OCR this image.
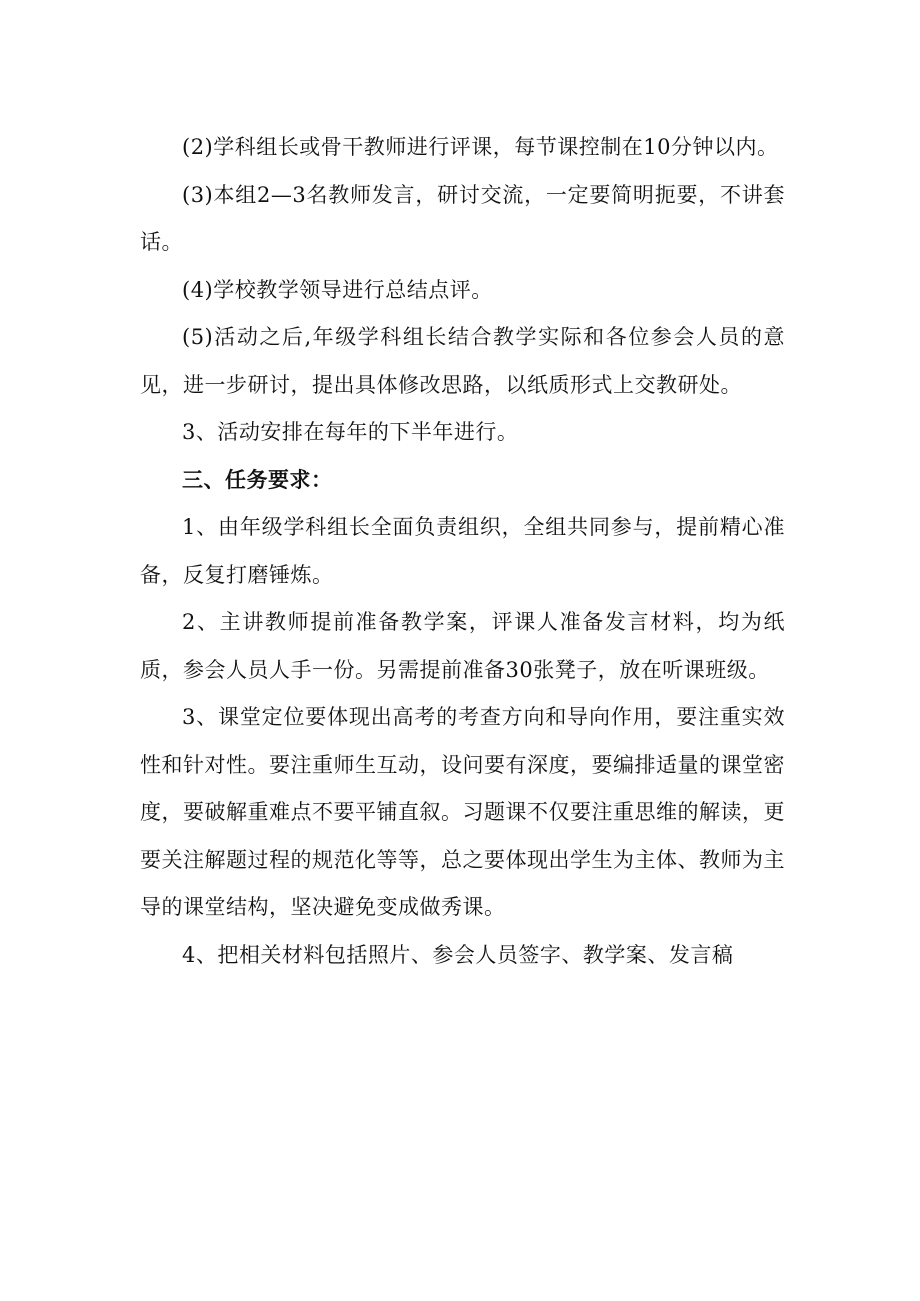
(2)学科组长或骨干教师进行评课，每节课控制在10分钟以内。

(3)本组2—3名教师发言，研讨交流，一定要简明扼要，不讲套话。

(4)学校教学领导进行总结点评。

(5)活动之后,年级学科组长结合教学实际和各位参会人员的意见，进一步研讨，提出具体修改思路，以纸质形式上交教研处。

3、活动安排在每年的下半年进行。

三、任务要求：

1、由年级学科组长全面负责组织，全组共同参与，提前精心准备，反复打磨锤炼。

2、主讲教师提前准备教学案，评课人准备发言材料，均为纸质，参会人员人手一份。另需提前准备30张凳子，放在听课班级。

3、课堂定位要体现出高考的考查方向和导向作用，要注重实效性和针对性。要注重师生互动，设问要有深度，要编排适量的课堂密度，要破解重难点不要平铺直叙。习题课不仅要注重思维的解读，更要关注解题过程的规范化等等，总之要体现出学生为主体、教师为主导的课堂结构，坚决避免变成做秀课。

4、把相关材料包括照片、参会人员签字、教学案、发言稿
